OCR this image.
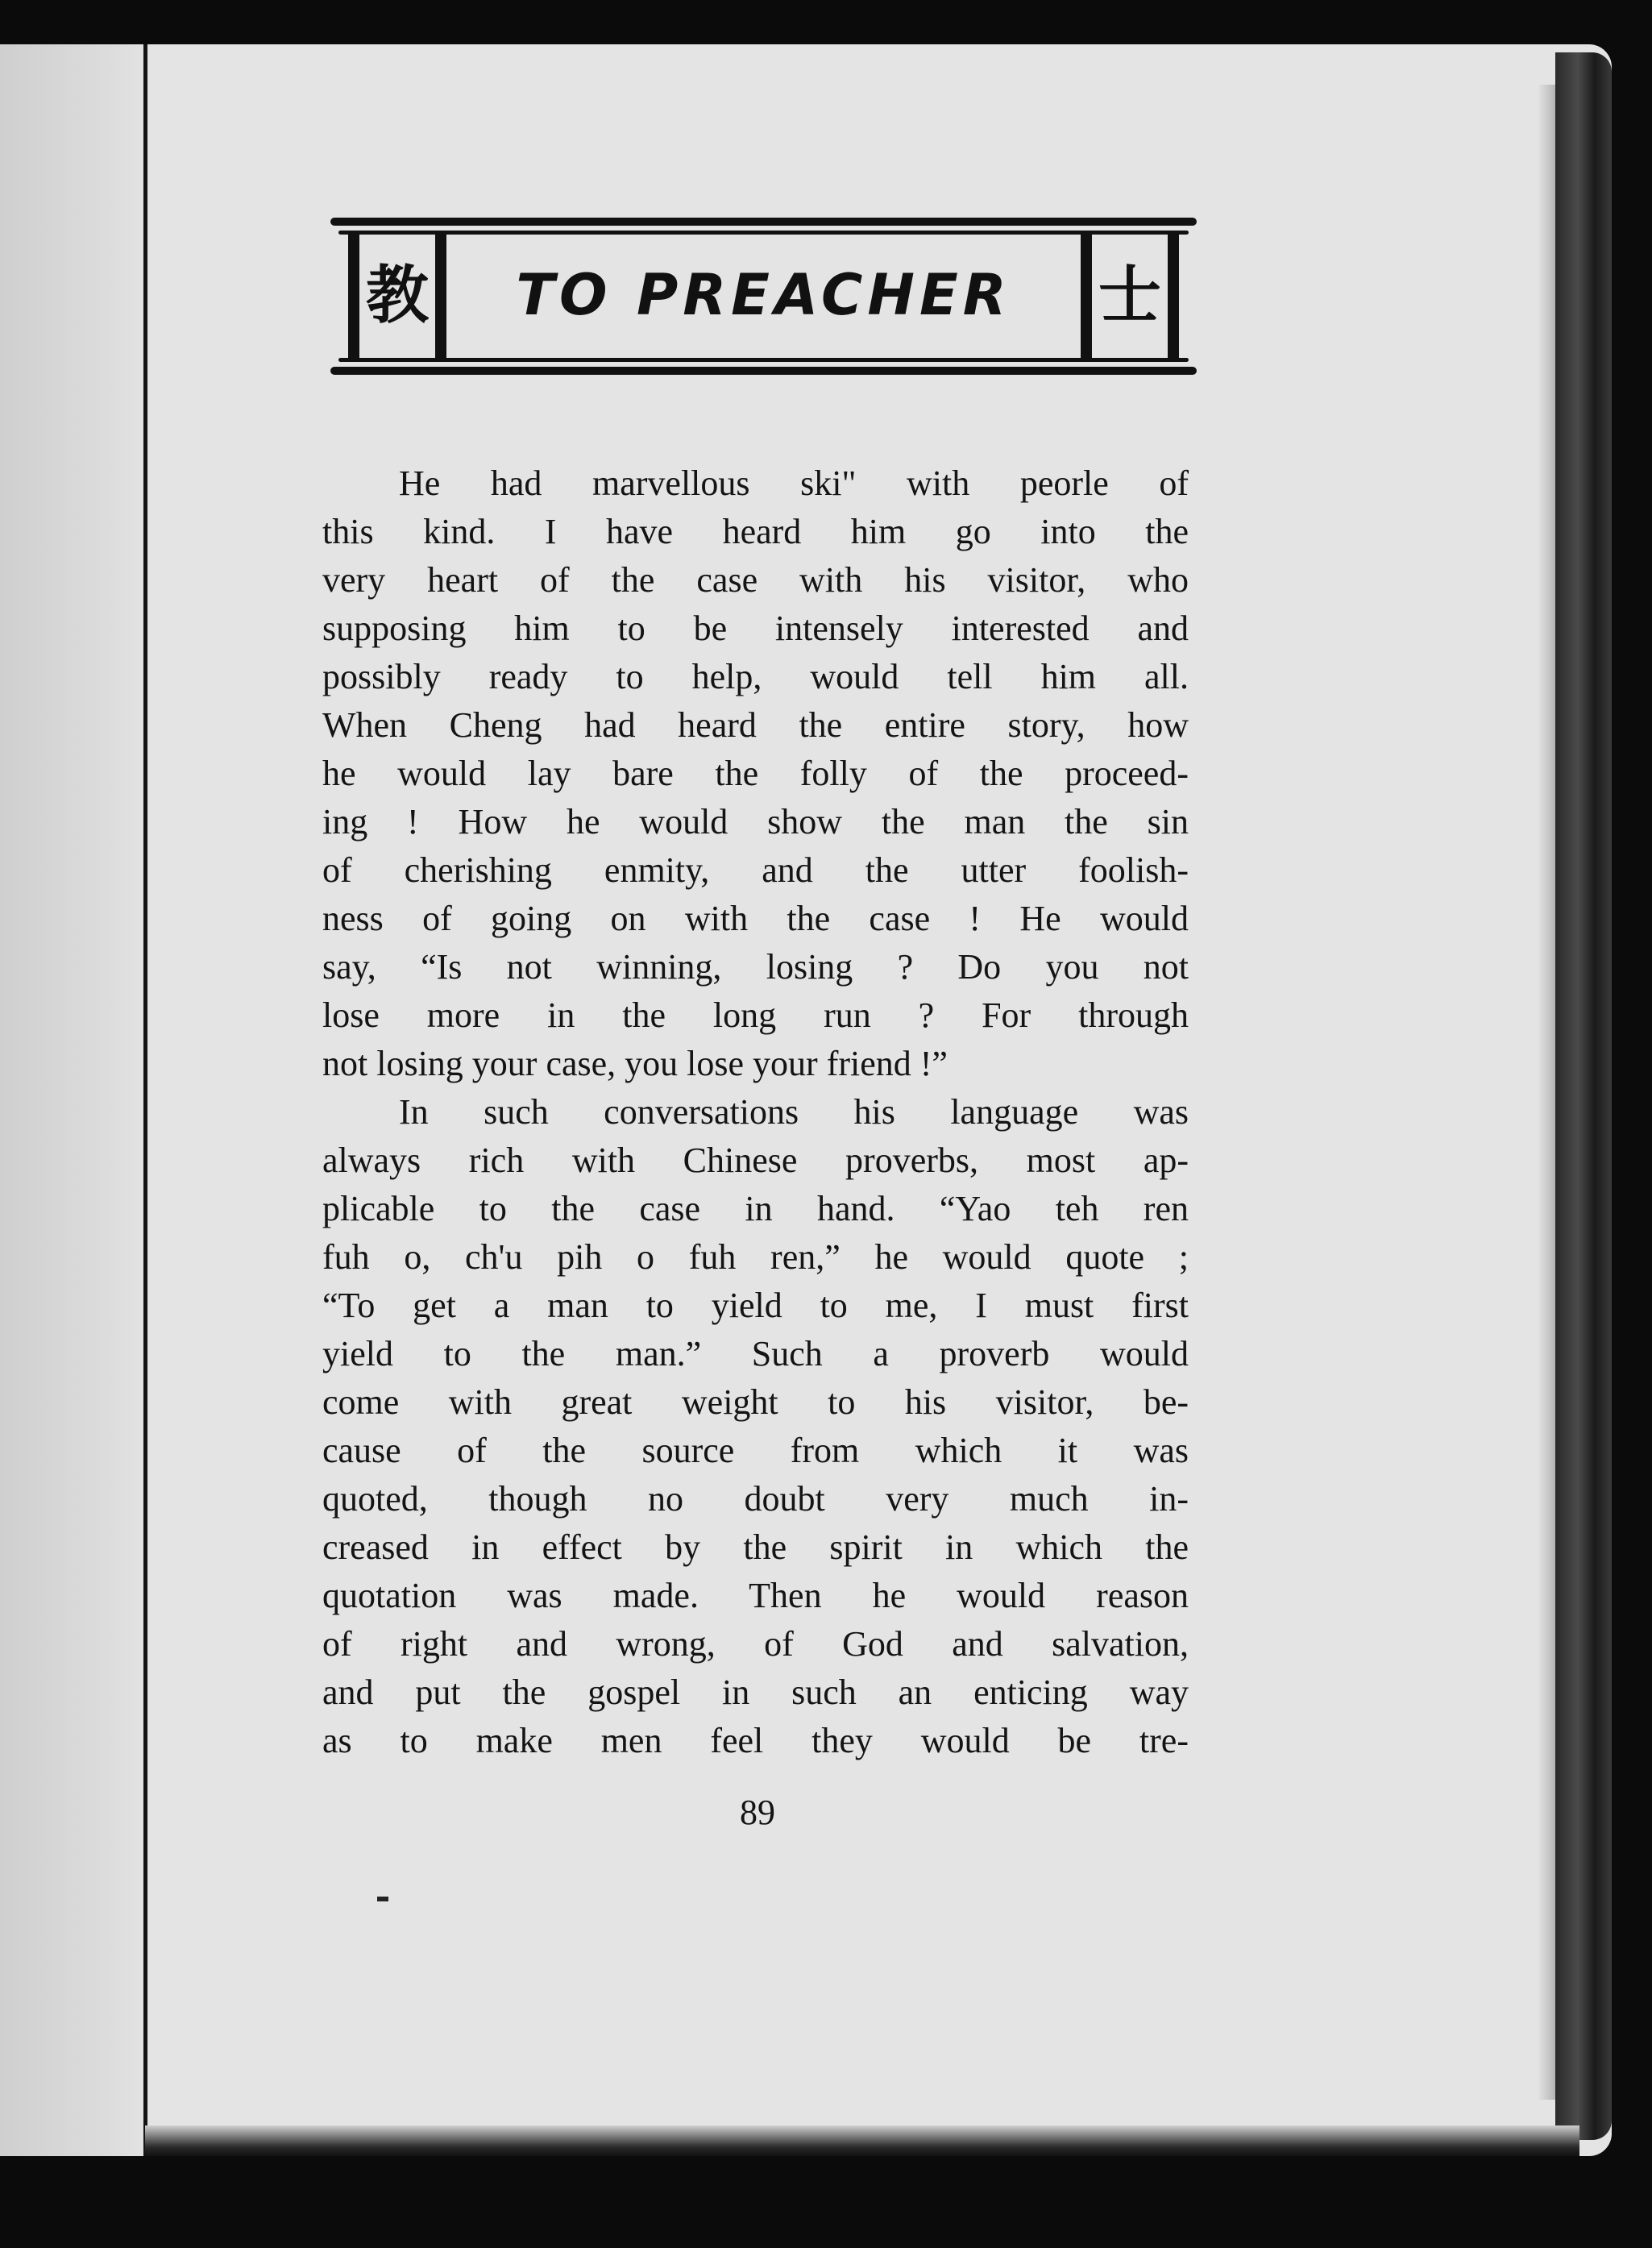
教	TO PREACHER	士
He had marvellous ski" with peorle of
this kind. I have heard him go into the
very heart of the case with his visitor, who
supposing him to be intensely interested and
possibly ready to help, would tell him all.
When Cheng had heard the entire story, how
he would lay bare the folly of the proceed-
ing ! How he would show the man the sin
of cherishing enmity, and the utter foolish-
ness of going on with the case ! He would
say, “Is not winning, losing ? Do you not
lose more in the long run ? For through
not losing your case, you lose your friend !”
In such conversations his language was
always rich with Chinese proverbs, most ap-
plicable to the case in hand. “Yao teh ren
fuh o, ch'u pih o fuh ren,” he would quote ;
“To get a man to yield to me, I must first
yield to the man.” Such a proverb would
come with great weight to his visitor, be-
cause of the source from which it was
quoted, though no doubt very much in-
creased in effect by the spirit in which the
quotation was made. Then he would reason
of right and wrong, of God and salvation,
and put the gospel in such an enticing way
as to make men feel they would be tre-
89
